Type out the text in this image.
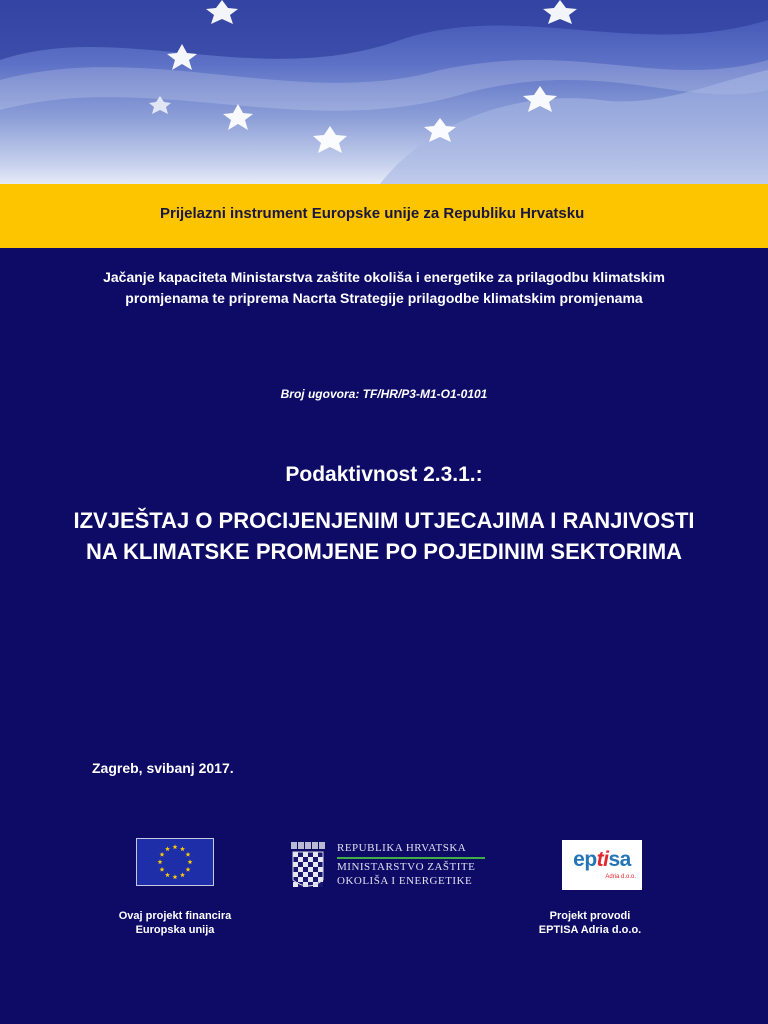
Prijelazni instrument Europske unije za Republiku Hrvatsku
Jačanje kapaciteta Ministarstva zaštite okoliša i energetike za prilagodbu klimatskim promjenama te priprema Nacrta Strategije prilagodbe klimatskim promjenama
Broj ugovora: TF/HR/P3-M1-O1-0101
Podaktivnost 2.3.1.:
IZVJEŠTAJ O PROCIJENJENIM UTJECAJIMA I RANJIVOSTI NA KLIMATSKE PROMJENE PO POJEDINIM SEKTORIMA
Zagreb, svibanj 2017.
Ovaj projekt financira
Europska unija
REPUBLIKA HRVATSKA
MINISTARSTVO ZAŠTITE
OKOLIŠA I ENERGETIKE
eptisa
Adria d.o.o.
Projekt provodi
EPTISA Adria d.o.o.
